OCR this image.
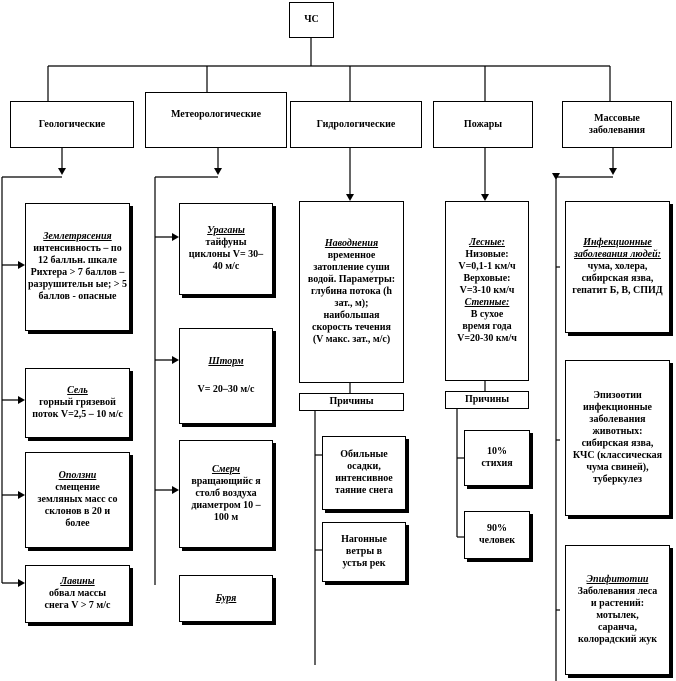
ЧС
Геологические
Метеорологические
Гидрологические	Пожары
Массовые заболевания
Землетрясения
интенсивность – по 12 балльн. шкале Рихтера > 7 баллов – разрушительн ые; > 5 баллов - опасные
Сель
горный грязевой поток V=2,5 – 10 м/с
Оползни
смещение земляных масс со склонов в 20 и более
Лавины
обвал массы снега V > 7 м/с
Ураганы
тайфуны циклоны V= 30–40 м/с
Шторм
V= 20–30 м/с
Смерч
вращающийс я столб воздуха диаметром 10 – 100 м
Буря
Наводнения
временное затопление суши водой. Параметры: глубина потока (h зат., м); наибольшая скорость течения (V макс. зат., м/с)
Причины
Обильные осадки, интенсивное таяние снега
Нагонные ветры в устья рек
Лесные:
Низовые:
V=0,1-1 км/ч
Верховые:
V=3-10 км/ч
Степные:
В сухое время года V=20-30 км/ч
Причины
10% стихия
90% человек
Инфекционные заболевания людей:
чума, холера, сибирская язва, гепатит Б, В, СПИД
Эпизоотии инфекционные заболевания животных: сибирская язва, КЧС (классическая чума свиней), туберкулез
Эпифитотии
Заболевания леса и растений: мотылек, саранча, колорадский жук
